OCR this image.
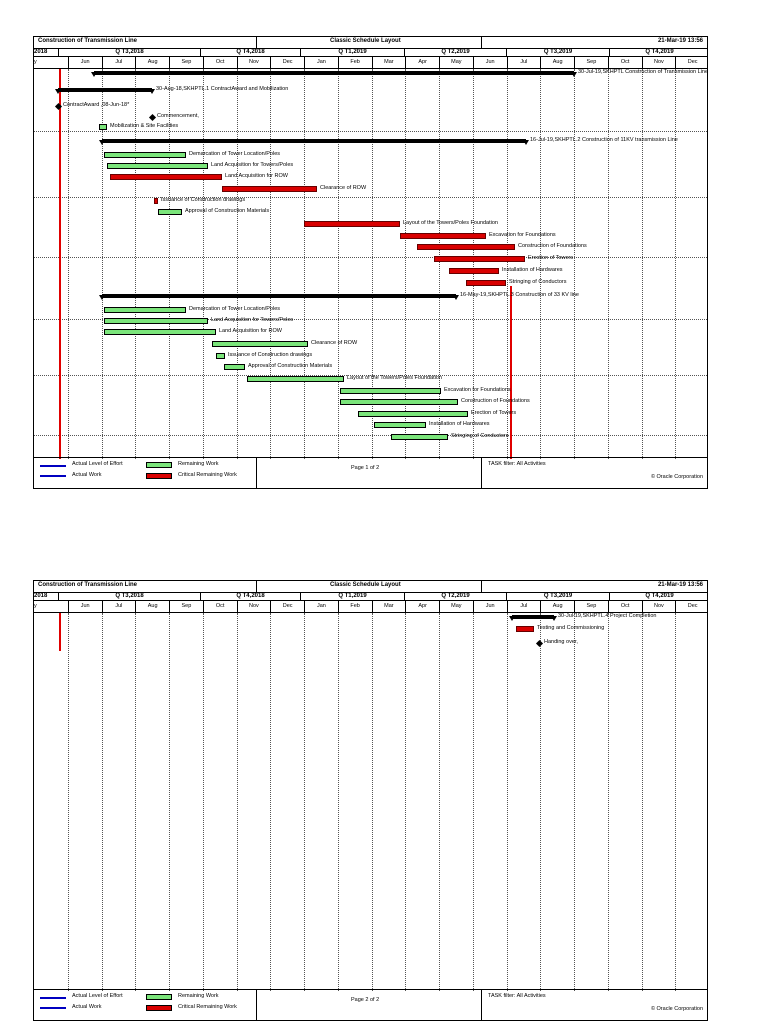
Construction of Transmission Line	Classic Schedule Layout	21-Mar-19 13:56
2018	Q T3,2018	Q T4,2018	Q T1,2019	Q T2,2019	Q T3,2019	Q T4,2019
y	Jun	Jul	Aug	Sep	Oct	Nov	Dec	Jan	Feb	Mar	Apr	May	Jun	Jul	Aug	Sep	Oct	Nov	Dec
30-Jul-19,SKHPTL Construction of Transmission Line
30-Aug-18,SKHPTL.1 ContractAward and Mobilization
ContractAward ,08-Jun-18*
Commencement,
Mobilization & Site Facilities
16-Jul-19,SKHPTL.2 Construction of 11KV transmission Line
Demarcation of Tower Location/Poles
Land Acquisition for Towers/Poles
Land Acquisition for ROW
Clearance of ROW
Issuance of Construction drawings
Approval of Construction Materials
Layout of the Towers/Poles Foundation
Excavation for Foundations
Construction of Foundations
Erection of Towers
Installation of Hardwares
Stringing of Conductors
16-May-19,SKHPTL.3 Construction of 33 KV line
Demarcation of Tower Location/Poles
Land Acquisition for Towers/Poles
Land Acquisition for ROW
Clearance of ROW
Issuance of Construction drawings
Approval of Construction Materials
Layout of the Towers/Poles Foundation
Excavation for Foundations
Construction of Foundations
Erection of Towers
Installation of Hardwares
Stringing of Conductors
Actual Level of Effort
Actual Work
Remaining Work
Critical Remaining Work
Page 1 of 2
TASK filter: All Activities
© Oracle Corporation
Construction of Transmission Line	Classic Schedule Layout	21-Mar-19 13:56
2018	Q T3,2018	Q T4,2018	Q T1,2019	Q T2,2019	Q T3,2019	Q T4,2019
y	Jun	Jul	Aug	Sep	Oct	Nov	Dec	Jan	Feb	Mar	Apr	May	Jun	Jul	Aug	Sep	Oct	Nov	Dec
30-Jul-19,SKHPTL.4 Project Completion
Testing and Commissioning
Handing over,
Actual Level of Effort
Actual Work
Remaining Work
Critical Remaining Work
Page 2 of 2
TASK filter: All Activities
© Oracle Corporation
